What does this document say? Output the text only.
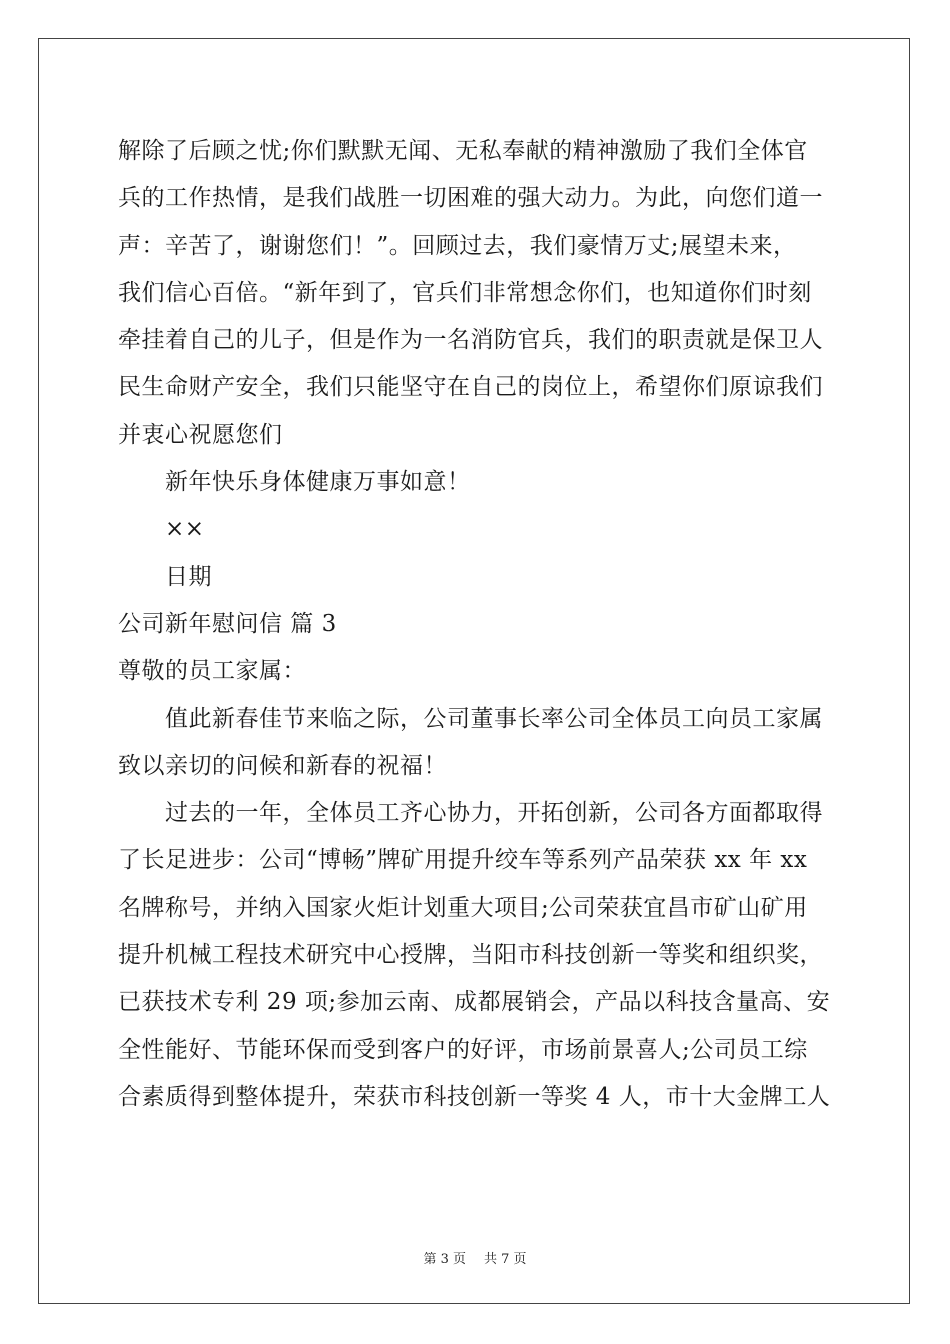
解除了后顾之忧;你们默默无闻、无私奉献的精神激励了我们全体官

兵的工作热情，是我们战胜一切困难的强大动力。为此，向您们道一

声：辛苦了，谢谢您们！”。回顾过去，我们豪情万丈;展望未来，

我们信心百倍。“新年到了，官兵们非常想念你们，也知道你们时刻

牵挂着自己的儿子，但是作为一名消防官兵，我们的职责就是保卫人

民生命财产安全，我们只能坚守在自己的岗位上，希望你们原谅我们

并衷心祝愿您们

新年快乐身体健康万事如意！

××

日期

公司新年慰问信 篇 3

尊敬的员工家属：

值此新春佳节来临之际，公司董事长率公司全体员工向员工家属

致以亲切的问候和新春的祝福！

过去的一年，全体员工齐心协力，开拓创新，公司各方面都取得

了长足进步：公司“博畅”牌矿用提升绞车等系列产品荣获 xx 年 xx

名牌称号，并纳入国家火炬计划重大项目;公司荣获宜昌市矿山矿用

提升机械工程技术研究中心授牌，当阳市科技创新一等奖和组织奖，

已获技术专利 29 项;参加云南、成都展销会，产品以科技含量高、安

全性能好、节能环保而受到客户的好评，市场前景喜人;公司员工综

合素质得到整体提升，荣获市科技创新一等奖 4 人，市十大金牌工人

第 3 页 共 7 页
